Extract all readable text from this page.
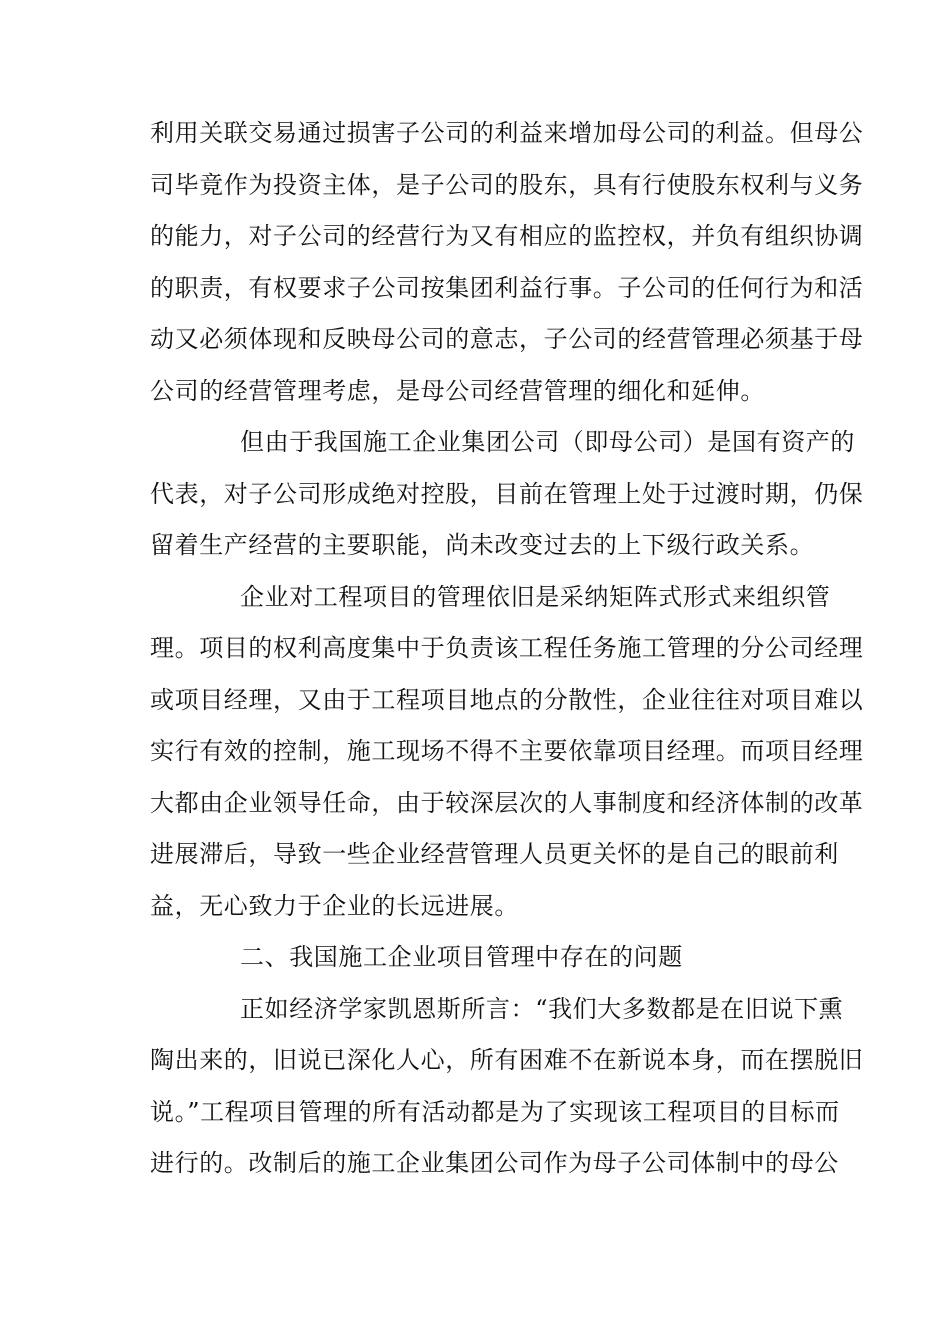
利用关联交易通过损害子公司的利益来增加母公司的利益。但母公
司毕竟作为投资主体，是子公司的股东，具有行使股东权利与义务
的能力，对子公司的经营行为又有相应的监控权，并负有组织协调
的职责，有权要求子公司按集团利益行事。子公司的任何行为和活
动又必须体现和反映母公司的意志，子公司的经营管理必须基于母
公司的经营管理考虑，是母公司经营管理的细化和延伸。
但由于我国施工企业集团公司（即母公司）是国有资产的
代表，对子公司形成绝对控股，目前在管理上处于过渡时期，仍保
留着生产经营的主要职能，尚未改变过去的上下级行政关系。
企业对工程项目的管理依旧是采纳矩阵式形式来组织管
理。项目的权利高度集中于负责该工程任务施工管理的分公司经理
或项目经理，又由于工程项目地点的分散性，企业往往对项目难以
实行有效的控制，施工现场不得不主要依靠项目经理。而项目经理
大都由企业领导任命，由于较深层次的人事制度和经济体制的改革
进展滞后，导致一些企业经营管理人员更关怀的是自己的眼前利
益，无心致力于企业的长远进展。
二、我国施工企业项目管理中存在的问题
正如经济学家凯恩斯所言：“我们大多数都是在旧说下熏
陶出来的，旧说已深化人心，所有困难不在新说本身，而在摆脱旧
说。”工程项目管理的所有活动都是为了实现该工程项目的目标而
进行的。改制后的施工企业集团公司作为母子公司体制中的母公
